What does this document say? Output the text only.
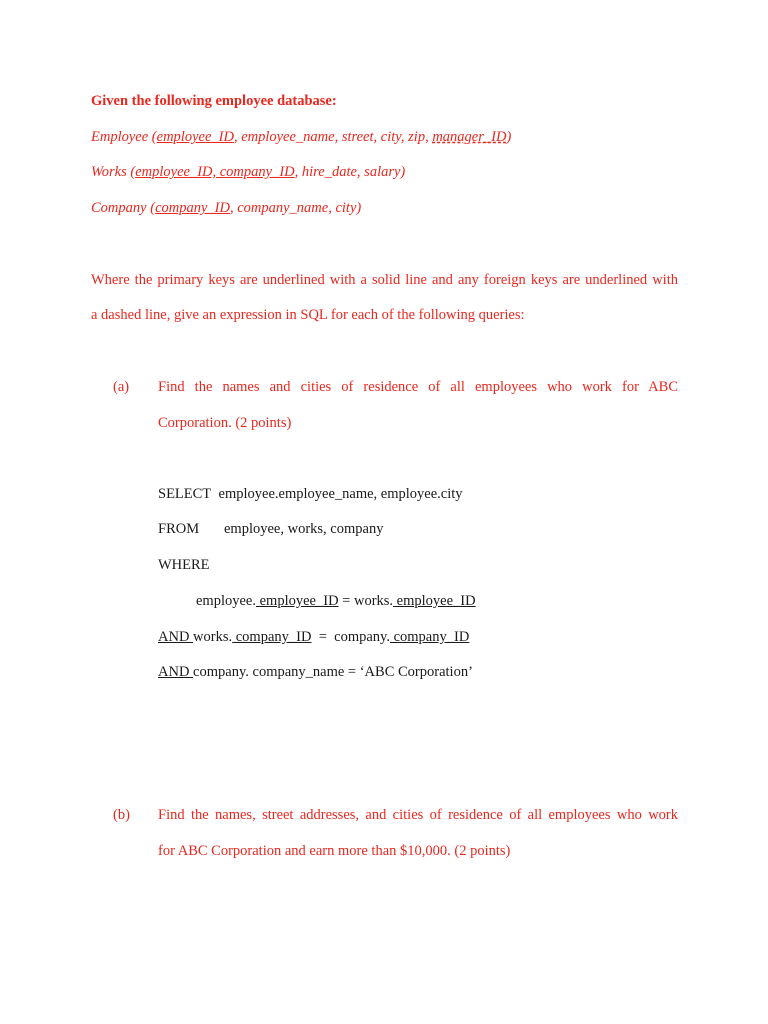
Given the following employee database:
Employee (employee_ID, employee_name, street, city, zip, manager_ID)
Works (employee_ID, company_ID, hire_date, salary)
Company (company_ID, company_name, city)
Where the primary keys are underlined with a solid line and any foreign keys are underlined with
a dashed line, give an expression in SQL for each of the following queries:
(a) Find the names and cities of residence of all employees who work for ABC
Corporation. (2 points)
SELECT employee.employee_name, employee.city
FROM employee, works, company
WHERE
employee. employee_ID = works. employee_ID
AND works. company_ID  =  company. company_ID
AND company. company_name = ‘ABC Corporation’
(b) Find the names, street addresses, and cities of residence of all employees who work
for ABC Corporation and earn more than $10,000. (2 points)
